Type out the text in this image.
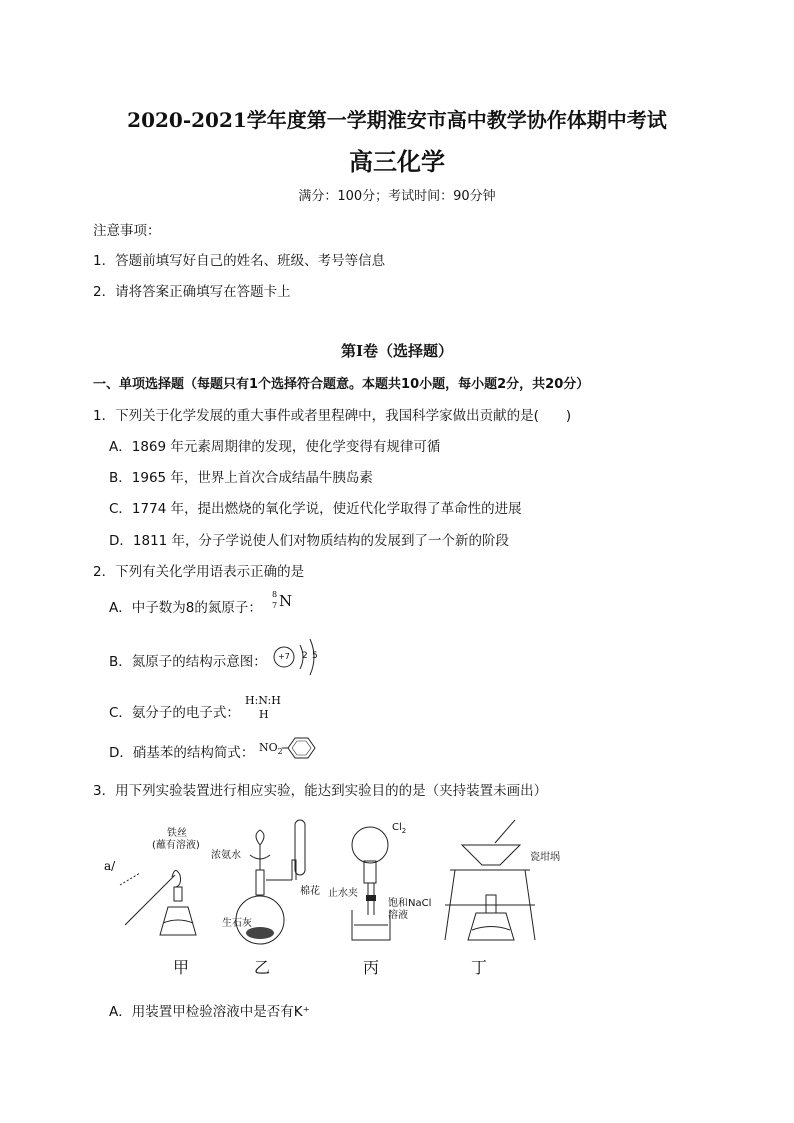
2020-2021学年度第一学期淮安市高中教学协作体期中考试
高三化学
满分：100分；考试时间：90分钟
注意事项：
1．答题前填写好自己的姓名、班级、考号等信息
2．请将答案正确填写在答题卡上
第I卷（选择题）
一、单项选择题（每题只有1个选择符合题意。本题共10小题，每小题2分，共20分）
1．下列关于化学发展的重大事件或者里程碑中，我国科学家做出贡献的是(　　)
A．1869 年元素周期律的发现，使化学变得有规律可循
B．1965 年，世界上首次合成结晶牛胰岛素
C．1774 年，提出燃烧的氧化学说，使近代化学取得了革命性的进展
D．1811 年，分子学说使人们对物质结构的发展到了一个新的阶段
2．下列有关化学用语表示正确的是
A．中子数为8的氮原子：
8
7 N
B．氮原子的结构示意图： +7 2 5
C．氨分子的电子式：
H:N:H
H
D．硝基苯的结构简式： $NO_2$
3．用下列实验装置进行相应实验，能达到实验目的的是（夹持装置未画出）
a/
铁丝
(蘸有溶液)
浓氨水
棉花
生石灰
$Cl_2$
止水夹
饱和NaCl
溶液
瓷坩埚
甲	乙	丙	丁
A．用装置甲检验溶液中是否有K⁺
